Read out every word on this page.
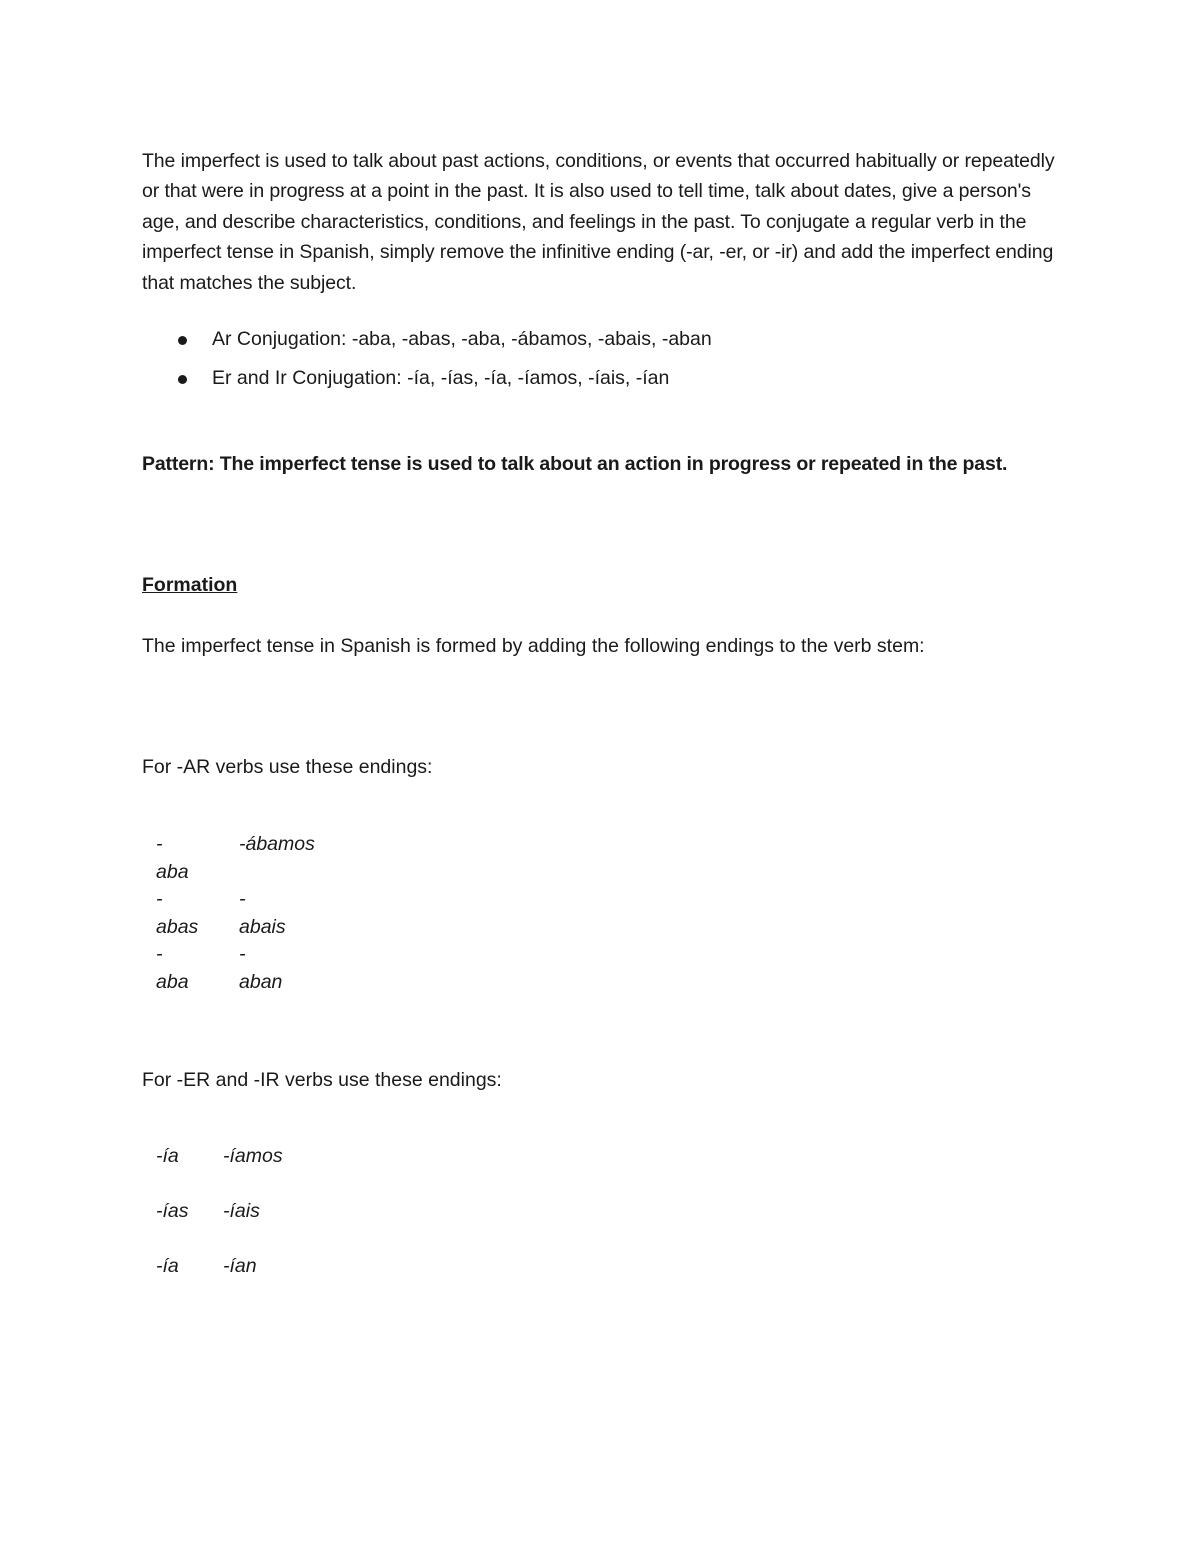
The imperfect is used to talk about past actions, conditions, or events that occurred habitually or repeatedly or that were in progress at a point in the past. It is also used to tell time, talk about dates, give a person's age, and describe characteristics, conditions, and feelings in the past. To conjugate a regular verb in the imperfect tense in Spanish, simply remove the infinitive ending (-ar, -er, or -ir) and add the imperfect ending that matches the subject.

Ar Conjugation: -aba, -abas, -aba, -ábamos, -abais, -aban
Er and Ir Conjugation: -ía, -ías, -ía, -íamos, -íais, -ían

Pattern: The imperfect tense is used to talk about an action in progress or repeated in the past.

Formation

The imperfect tense in Spanish is formed by adding the following endings to the verb stem:

For -AR verbs use these endings:

-aba
-ábamos
-abas
-abais
-aba
-aban

For -ER and -IR verbs use these endings:

-ía -íamos
-ías -íais
-ía -ían
